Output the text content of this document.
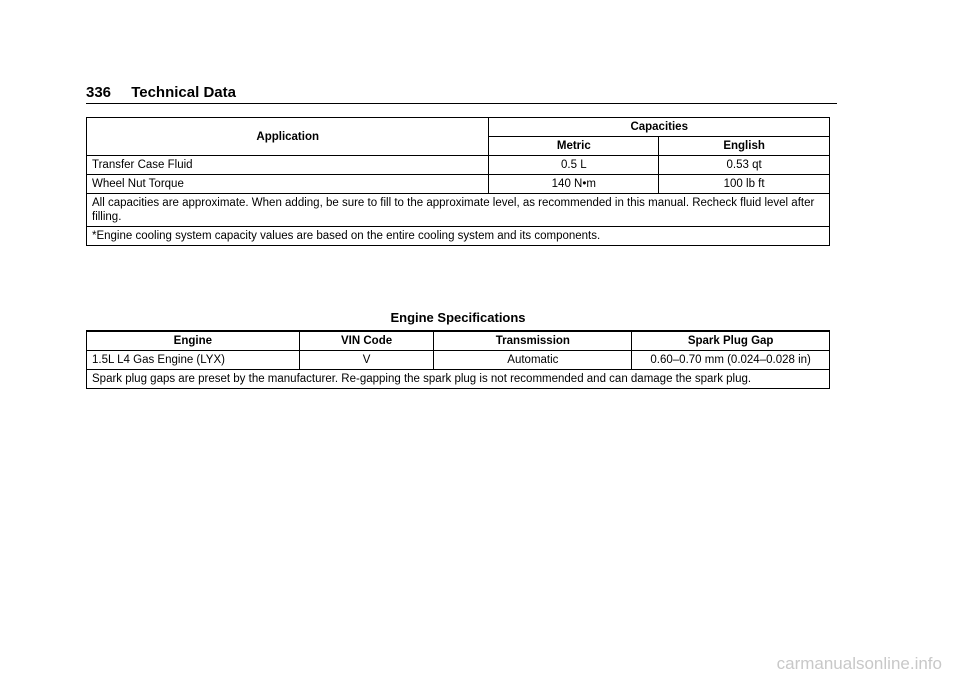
336 Technical Data
Application	Capacities	
	Metric	English
Transfer Case Fluid	0.5 L	0.53 qt
Wheel Nut Torque	140 N•m	100 lb ft
All capacities are approximate. When adding, be sure to fill to the approximate level, as recommended in this manual. Recheck fluid level after filling.		
*Engine cooling system capacity values are based on the entire cooling system and its components.		
Engine Specifications
Engine	VIN Code	Transmission	Spark Plug Gap
1.5L L4 Gas Engine (LYX)	V	Automatic	0.60–0.70 mm (0.024–0.028 in)
Spark plug gaps are preset by the manufacturer. Re-gapping the spark plug is not recommended and can damage the spark plug.			
carmanualsonline.info
